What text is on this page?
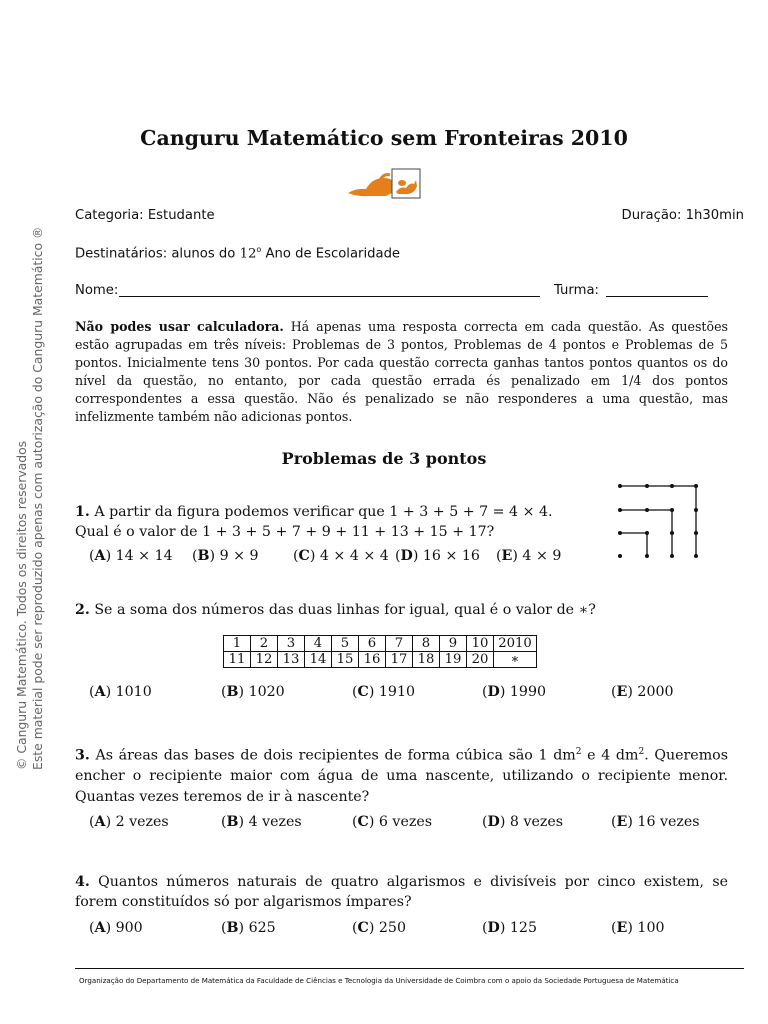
Canguru Matemático sem Fronteiras 2010
Categoria: Estudante	Duração: 1h30min
Destinatários: alunos do 12$^o$ Ano de Escolaridade
Nome:	Turma:
Não podes usar calculadora. Há apenas uma resposta correcta em cada questão. As questões estão agrupadas em três níveis: Problemas de 3 pontos, Problemas de 4 pontos e Problemas de 5 pontos. Inicialmente tens 30 pontos. Por cada questão correcta ganhas tantos pontos quantos os do nível da questão, no entanto, por cada questão errada és penalizado em 1/4 dos pontos correspondentes a essa questão. Não és penalizado se não responderes a uma questão, mas infelizmente também não adicionas pontos.
Problemas de 3 pontos
1. A partir da figura podemos verificar que 1 + 3 + 5 + 7 = 4 × 4.
Qual é o valor de 1 + 3 + 5 + 7 + 9 + 11 + 13 + 15 + 17?
(A) 14 × 14 (B) 9 × 9 (C) 4 × 4 × 4 (D) 16 × 16 (E) 4 × 9
2. Se a soma dos números das duas linhas for igual, qual é o valor de ∗?
1	2	3	4	5	6	7	8	9	10	2010
11	12	13	14	15	16	17	18	19	20	∗
(A) 1010	(B) 1020	(C) 1910	(D) 1990	(E) 2000
3. As áreas das bases de dois recipientes de forma cúbica são 1 $dm^2$ e 4 $dm^2$. Queremos encher o recipiente maior com água de uma nascente, utilizando o recipiente menor. Quantas vezes teremos de ir à nascente?
(A) 2 vezes	(B) 4 vezes	(C) 6 vezes	(D) 8 vezes	(E) 16 vezes
4. Quantos números naturais de quatro algarismos e divisíveis por cinco existem, se forem constituídos só por algarismos ímpares?
(A) 900	(B) 625	(C) 250	(D) 125	(E) 100
© Canguru Matemático. Todos os direitos reservados Este material pode ser reproduzido apenas com autorização do Canguru Matemático ®
Organização do Departamento de Matemática da Faculdade de Ciências e Tecnologia da Universidade de Coimbra com o apoio da Sociedade Portuguesa de Matemática
